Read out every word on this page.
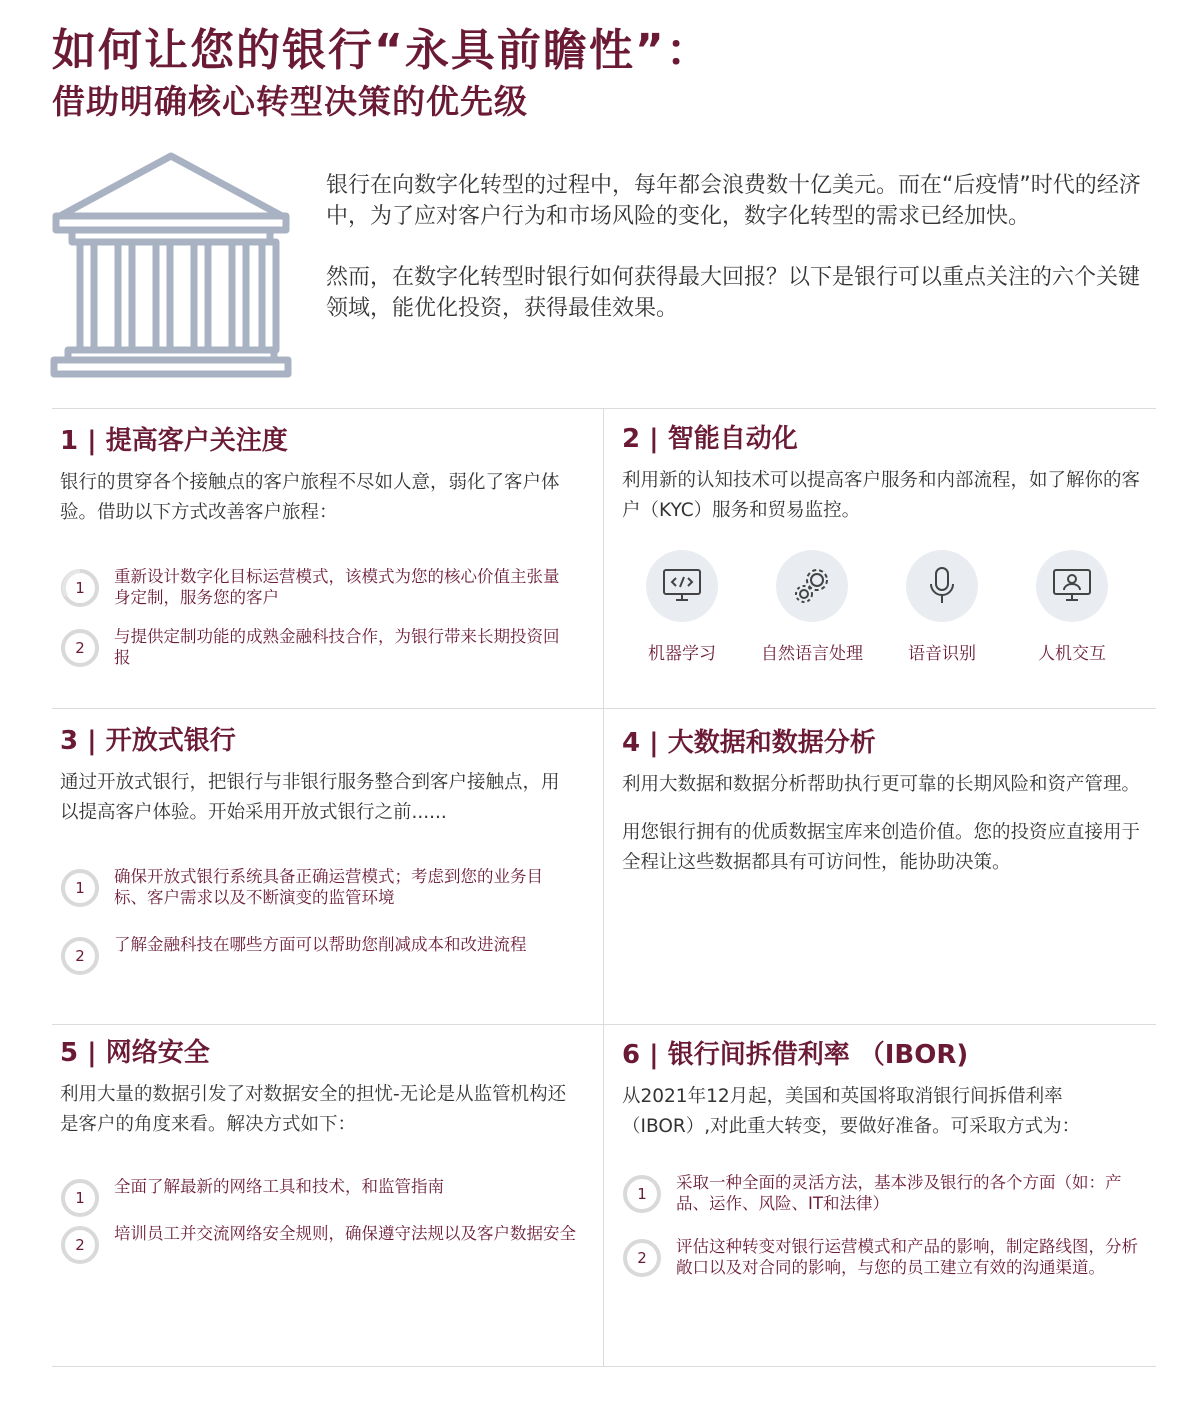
如何让您的银行“永具前瞻性”：
借助明确核心转型决策的优先级

银行在向数字化转型的过程中，每年都会浪费数十亿美元。而在“后疫情”时代的经济中，为了应对客户行为和市场风险的变化，数字化转型的需求已经加快。

然而，在数字化转型时银行如何获得最大回报？以下是银行可以重点关注的六个关键领域，能优化投资，获得最佳效果。

1 | 提高客户关注度

银行的贯穿各个接触点的客户旅程不尽如人意，弱化了客户体验。借助以下方式改善客户旅程：

1
重新设计数字化目标运营模式，该模式为您的核心价值主张量身定制，服务您的客户
2
与提供定制功能的成熟金融科技合作，为银行带来长期投资回报
2 | 智能自动化

利用新的认知技术可以提高客户服务和内部流程，如了解你的客户（KYC）服务和贸易监控。

机器学习	自然语言处理	语音识别	人机交互
3 | 开放式银行

通过开放式银行，把银行与非银行服务整合到客户接触点，用以提高客户体验。开始采用开放式银行之前......

1
确保开放式银行系统具备正确运营模式；考虑到您的业务目标、客户需求以及不断演变的监管环境
2
了解金融科技在哪些方面可以帮助您削减成本和改进流程
4 | 大数据和数据分析

利用大数据和数据分析帮助执行更可靠的长期风险和资产管理。

用您银行拥有的优质数据宝库来创造价值。您的投资应直接用于全程让这些数据都具有可访问性，能协助决策。

5 | 网络安全

利用大量的数据引发了对数据安全的担忧-无论是从监管机构还是客户的角度来看。解决方式如下：

1
全面了解最新的网络工具和技术，和监管指南
2
培训员工并交流网络安全规则，确保遵守法规以及客户数据安全
6 | 银行间拆借利率 （IBOR)

从2021年12月起，美国和英国将取消银行间拆借利率（IBOR）,对此重大转变，要做好准备。可采取方式为：

1
采取一种全面的灵活方法，基本涉及银行的各个方面（如：产品、运作、风险、IT和法律）
2
评估这种转变对银行运营模式和产品的影响，制定路线图，分析敞口以及对合同的影响，与您的员工建立有效的沟通渠道。
